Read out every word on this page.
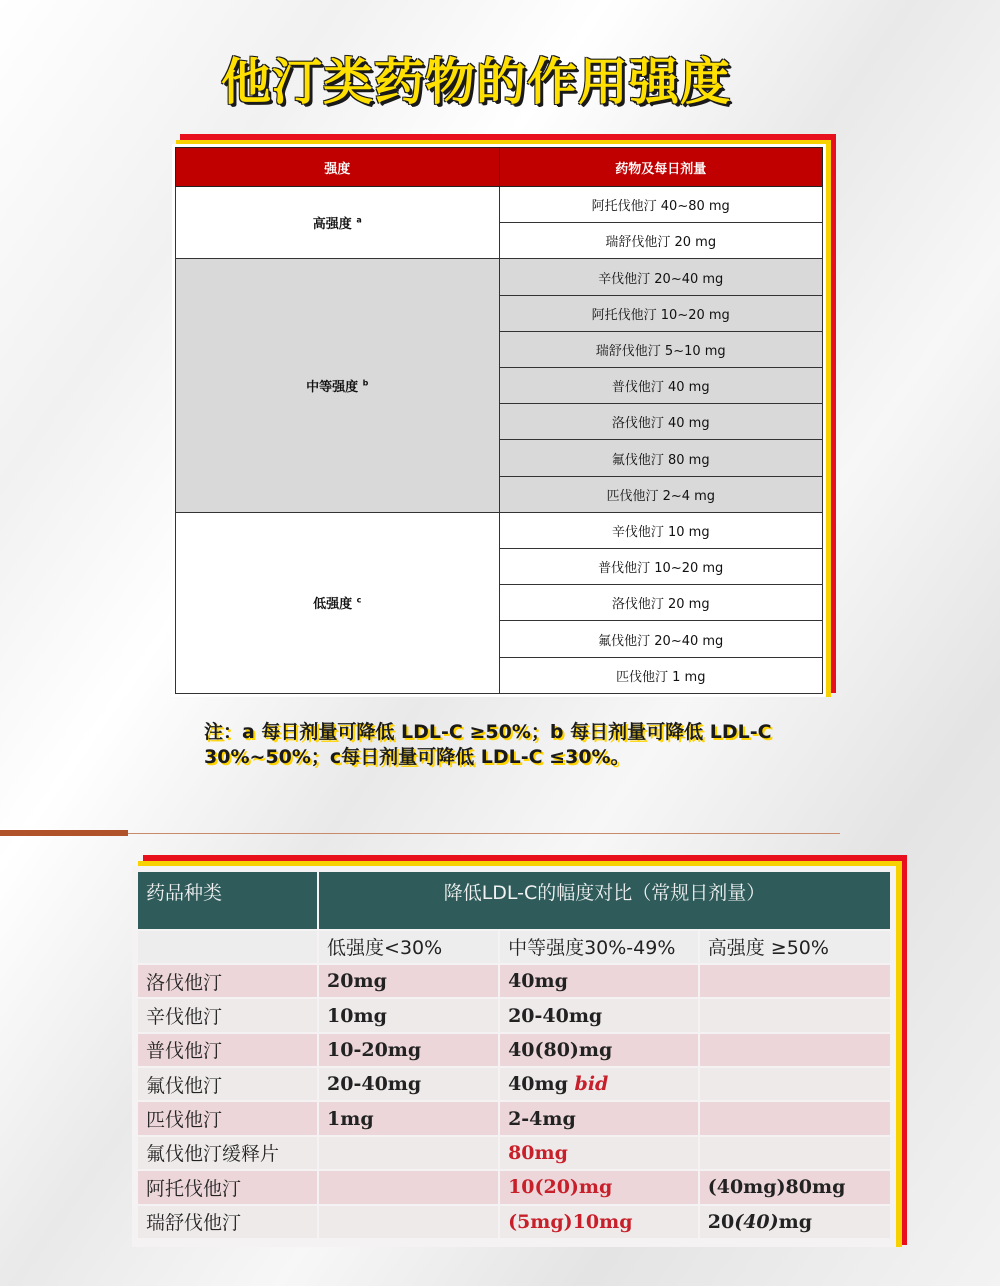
他汀类药物的作用强度
强度	药物及每日剂量
高强度 $^a$	阿托伐他汀 40~80 mg
	瑞舒伐他汀 20 mg
中等强度 $^b$	辛伐他汀 20~40 mg
	阿托伐他汀 10~20 mg
	瑞舒伐他汀 5~10 mg
	普伐他汀 40 mg
	洛伐他汀 40 mg
	氟伐他汀 80 mg
	匹伐他汀 2~4 mg
低强度 $^c$	辛伐他汀 10 mg
	普伐他汀 10~20 mg
	洛伐他汀 20 mg
	氟伐他汀 20~40 mg
	匹伐他汀 1 mg
注：a 每日剂量可降低 LDL-C ≥50%；b 每日剂量可降低 LDL-C
30%~50%；c每日剂量可降低 LDL-C ≤30%。
药品种类	降低LDL-C的幅度对比（常规日剂量）		
	低强度<30%	中等强度30%-49%	高强度 ≥50%
洛伐他汀	20mg	40mg	
辛伐他汀	10mg	20-40mg	
普伐他汀	10-20mg	40(80)mg	
氟伐他汀	20-40mg	40mg bid	
匹伐他汀	1mg	2-4mg	
氟伐他汀缓释片		80mg	
阿托伐他汀		10(20)mg	(40mg)80mg
瑞舒伐他汀		(5mg)10mg	20(40)mg
